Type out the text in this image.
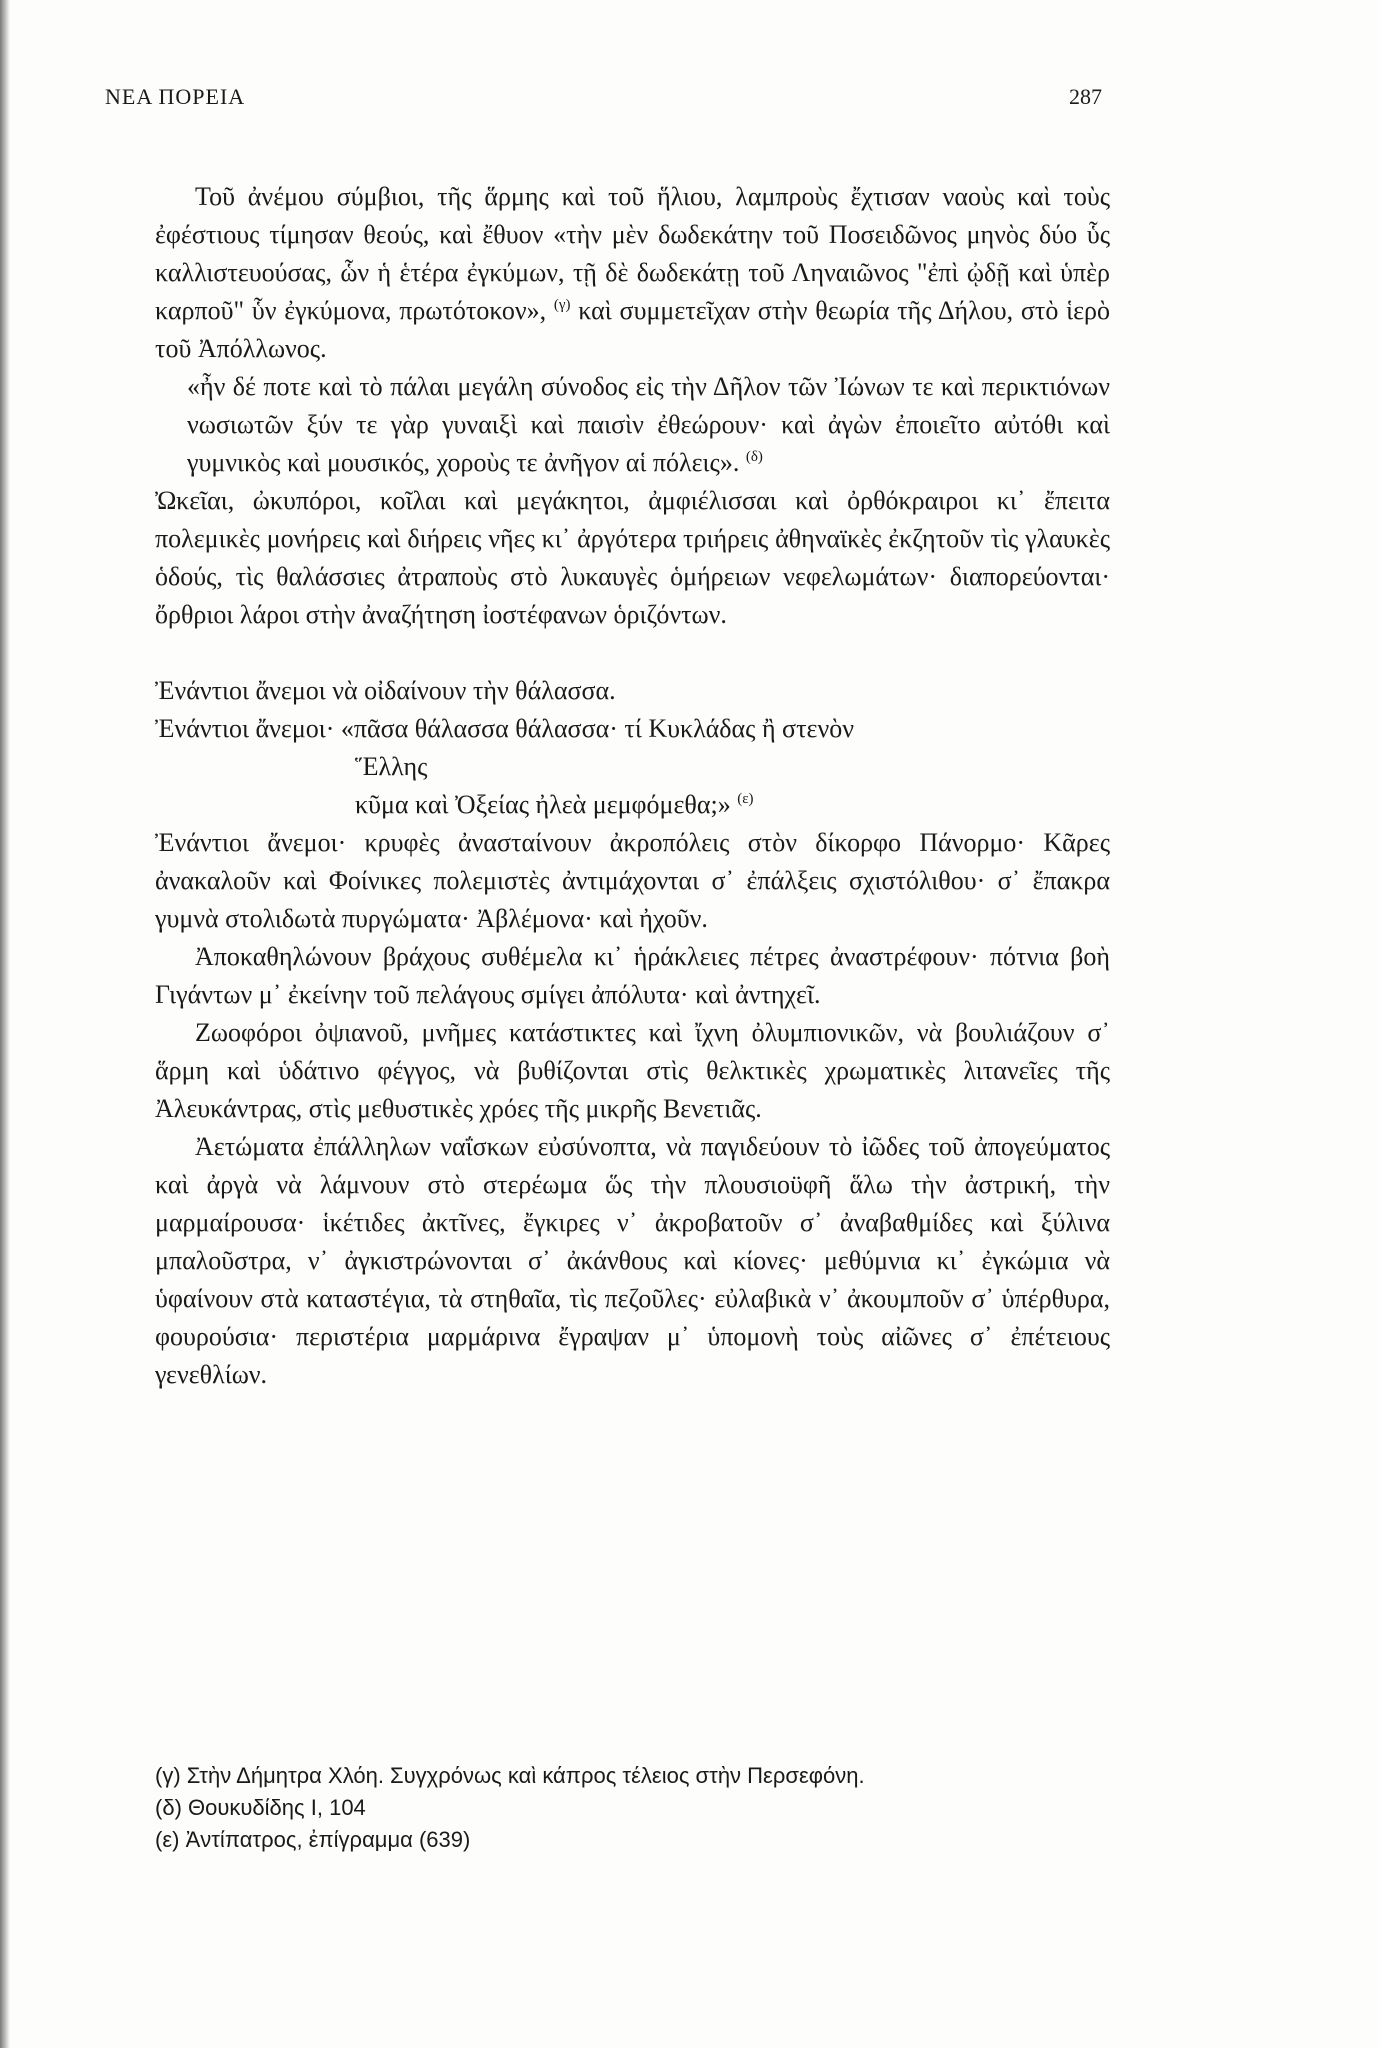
ΝΕΑ ΠΟΡΕΙΑ	287

Τοῦ ἀνέμου σύμβιοι, τῆς ἅρμης καὶ τοῦ ἥλιου, λαμπροὺς ἔχτισαν ναοὺς καὶ τοὺς ἐφέστιους τίμησαν θεούς, καὶ ἔθυον «τὴν μὲν δωδεκάτην τοῦ Ποσειδῶνος μηνὸς δύο ὗς καλλιστευούσας, ὧν ἡ ἑτέρα ἐγκύμων, τῇ δὲ δωδεκάτῃ τοῦ Ληναιῶνος "ἐπὶ ᾠδῇ καὶ ὑπὲρ καρποῦ" ὗν ἐγκύμονα, πρωτότοκον», $^{(\gamma)}$ καὶ συμμετεῖχαν στὴν θεωρία τῆς Δήλου, στὸ ἱερὸ τοῦ Ἀπόλλωνος.

«ἦν δέ ποτε καὶ τὸ πάλαι μεγάλη σύνοδος εἰς τὴν Δῆλον τῶν Ἰώνων τε καὶ περικτιόνων νωσιωτῶν ξύν τε γὰρ γυναιξὶ καὶ παισὶν ἐθεώρουν· καὶ ἀγὼν ἐποιεῖτο αὐτόθι καὶ γυμνικὸς καὶ μουσικός, χοροὺς τε ἀνῆγον αἱ πόλεις». $^{(\delta)}$

Ὠκεῖαι, ὠκυπόροι, κοῖλαι καὶ μεγάκητοι, ἀμφιέλισσαι καὶ ὀρθόκραιροι κι᾽ ἔπειτα πολεμικὲς μονήρεις καὶ διήρεις νῆες κι᾽ ἀργότερα τριήρεις ἀθηναϊκὲς ἐκζητοῦν τὶς γλαυκὲς ὁδούς, τὶς θαλάσσιες ἀτραποὺς στὸ λυκαυγὲς ὁμήρειων νεφελωμάτων· διαπορεύονται· ὄρθριοι λάροι στὴν ἀναζήτηση ἰοστέφανων ὁριζόντων.

Ἐνάντιοι ἄνεμοι νὰ οἰδαίνουν τὴν θάλασσα.

Ἐνάντιοι ἄνεμοι· «πᾶσα θάλασσα θάλασσα· τί Κυκλάδας ἢ στενὸν

Ἕλλης

κῦμα καὶ Ὀξείας ἠλεὰ μεμφόμεθα;» $^{(\varepsilon)}$

Ἐνάντιοι ἄνεμοι· κρυφὲς ἀνασταίνουν ἀκροπόλεις στὸν δίκορφο Πάνορμο· Κᾶρες ἀνακαλοῦν καὶ Φοίνικες πολεμιστὲς ἀντιμάχονται σ᾽ ἐπάλξεις σχιστόλιθου· σ᾽ ἔπακρα γυμνὰ στολιδωτὰ πυργώματα· Ἀβλέμονα· καὶ ἠχοῦν.

Ἀποκαθηλώνουν βράχους συθέμελα κι᾽ ἡράκλειες πέτρες ἀναστρέφουν· πότνια βοὴ Γιγάντων μ᾽ ἐκείνην τοῦ πελάγους σμίγει ἀπόλυτα· καὶ ἀντηχεῖ.

Ζωοφόροι ὀψιανοῦ, μνῆμες κατάστικτες καὶ ἴχνη ὀλυμπιονικῶν, νὰ βουλιάζουν σ᾽ ἅρμη καὶ ὑδάτινο φέγγος, νὰ βυθίζονται στὶς θελκτικὲς χρωματικὲς λιτανεῖες τῆς Ἀλευκάντρας, στὶς μεθυστικὲς χρόες τῆς μικρῆς Βενετιᾶς.

Ἀετώματα ἐπάλληλων ναΐσκων εὐσύνοπτα, νὰ παγιδεύουν τὸ ἰῶδες τοῦ ἀπογεύματος καὶ ἀργὰ νὰ λάμνουν στὸ στερέωμα ὥς τὴν πλουσιοϋφῆ ἅλω τὴν ἀστρική, τὴν μαρμαίρουσα· ἱκέτιδες ἀκτῖνες, ἔγκιρες ν᾽ ἀκροβατοῦν σ᾽ ἀναβαθμίδες καὶ ξύλινα μπαλοῦστρα, ν᾽ ἀγκιστρώνονται σ᾽ ἀκάνθους καὶ κίονες· μεθύμνια κι᾽ ἐγκώμια νὰ ὑφαίνουν στὰ καταστέγια, τὰ στηθαῖα, τὶς πεζοῦλες· εὐλαβικὰ ν᾽ ἀκουμποῦν σ᾽ ὑπέρθυρα, φουρούσια· περιστέρια μαρμάρινα ἔγραψαν μ᾽ ὑπομονὴ τοὺς αἰῶνες σ᾽ ἐπέτειους γενεθλίων.

(γ) Στὴν Δήμητρα Χλόη. Συγχρόνως καὶ κάπρος τέλειος στὴν Περσεφόνη.
(δ) Θουκυδίδης Ι, 104
(ε) Ἀντίπατρος, ἐπίγραμμα (639)
